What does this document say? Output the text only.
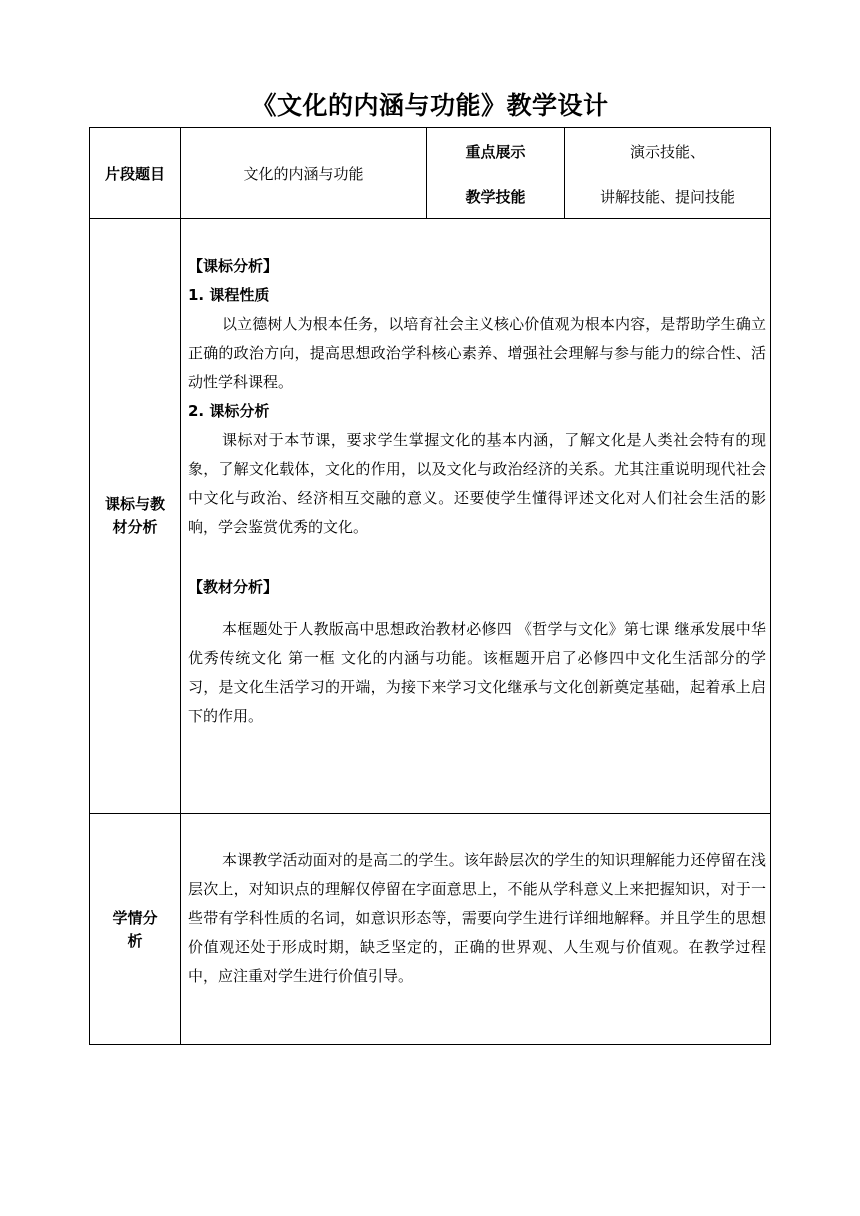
《文化的内涵与功能》教学设计
片段题目	文化的内涵与功能
重点展示
教学技能
演示技能、
讲解技能、提问技能
课标与教
材分析
【课标分析】
1. 课程性质
以立德树人为根本任务，以培育社会主义核心价值观为根本内容，是帮助学生确立正确的政治方向，提高思想政治学科核心素养、增强社会理解与参与能力的综合性、活动性学科课程。
2. 课标分析
课标对于本节课，要求学生掌握文化的基本内涵，了解文化是人类社会特有的现象，了解文化载体，文化的作用，以及文化与政治经济的关系。尤其注重说明现代社会中文化与政治、经济相互交融的意义。还要使学生懂得评述文化对人们社会生活的影响，学会鉴赏优秀的文化。
【教材分析】
本框题处于人教版高中思想政治教材必修四 《哲学与文化》第七课 继承发展中华优秀传统文化 第一框 文化的内涵与功能。该框题开启了必修四中文化生活部分的学习，是文化生活学习的开端，为接下来学习文化继承与文化创新奠定基础，起着承上启下的作用。
学情分
析
本课教学活动面对的是高二的学生。该年龄层次的学生的知识理解能力还停留在浅层次上，对知识点的理解仅停留在字面意思上，不能从学科意义上来把握知识，对于一些带有学科性质的名词，如意识形态等，需要向学生进行详细地解释。并且学生的思想价值观还处于形成时期，缺乏坚定的，正确的世界观、人生观与价值观。在教学过程中，应注重对学生进行价值引导。
